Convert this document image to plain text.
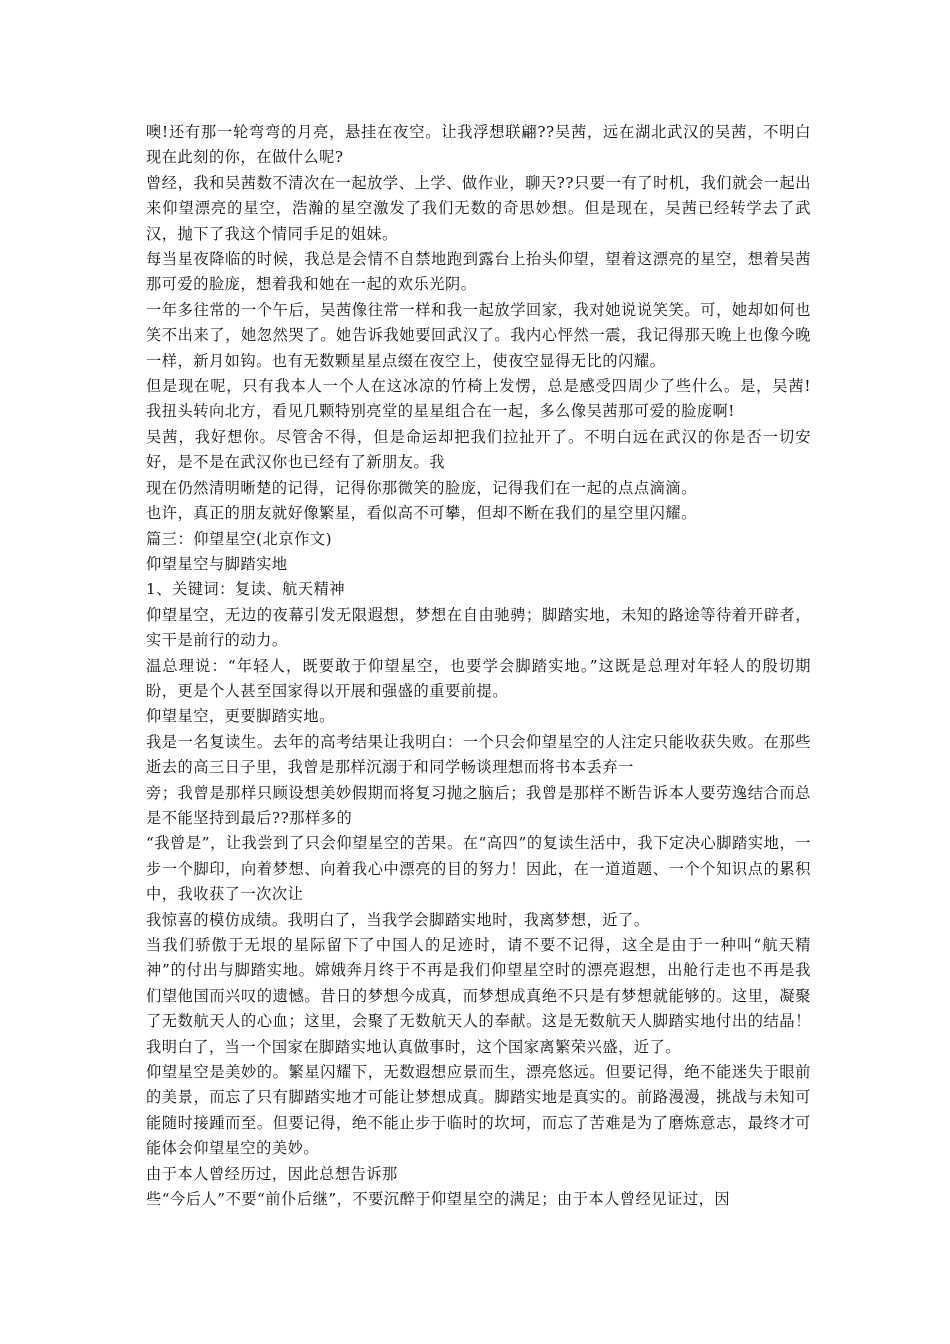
噢!还有那一轮弯弯的月亮，悬挂在夜空。让我浮想联翩??吴茜，远在湖北武汉的吴茜，不明白现在此刻的你，在做什么呢?

曾经，我和吴茜数不清次在一起放学、上学、做作业，聊天??只要一有了时机，我们就会一起出来仰望漂亮的星空，浩瀚的星空激发了我们无数的奇思妙想。但是现在，吴茜已经转学去了武汉，抛下了我这个情同手足的姐妹。

每当星夜降临的时候，我总是会情不自禁地跑到露台上抬头仰望，望着这漂亮的星空，想着吴茜那可爱的脸庞，想着我和她在一起的欢乐光阴。

一年多往常的一个午后，吴茜像往常一样和我一起放学回家，我对她说说笑笑。可，她却如何也笑不出来了，她忽然哭了。她告诉我她要回武汉了。我内心怦然一震，我记得那天晚上也像今晚一样，新月如钩。也有无数颗星星点缀在夜空上，使夜空显得无比的闪耀。

但是现在呢，只有我本人一个人在这冰凉的竹椅上发愣，总是感受四周少了些什么。是，吴茜!我扭头转向北方，看见几颗特别亮堂的星星组合在一起，多么像吴茜那可爱的脸庞啊!

吴茜，我好想你。尽管舍不得，但是命运却把我们拉扯开了。不明白远在武汉的你是否一切安好，是不是在武汉你也已经有了新朋友。我

现在仍然清明晰楚的记得，记得你那微笑的脸庞，记得我们在一起的点点滴滴。

也许，真正的朋友就好像繁星，看似高不可攀，但却不断在我们的星空里闪耀。

篇三：仰望星空(北京作文)

仰望星空与脚踏实地

1、关键词：复读、航天精神

仰望星空，无边的夜幕引发无限遐想，梦想在自由驰骋；脚踏实地，未知的路途等待着开辟者，实干是前行的动力。

温总理说：“年轻人，既要敢于仰望星空，也要学会脚踏实地。”这既是总理对年轻人的殷切期盼，更是个人甚至国家得以开展和强盛的重要前提。

仰望星空，更要脚踏实地。

我是一名复读生。去年的高考结果让我明白：一个只会仰望星空的人注定只能收获失败。在那些逝去的高三日子里，我曾是那样沉溺于和同学畅谈理想而将书本丢弃一

旁；我曾是那样只顾设想美妙假期而将复习抛之脑后；我曾是那样不断告诉本人要劳逸结合而总是不能坚持到最后??那样多的

“我曾是”，让我尝到了只会仰望星空的苦果。在“高四”的复读生活中，我下定决心脚踏实地，一步一个脚印，向着梦想、向着我心中漂亮的目的努力！因此，在一道道题、一个个知识点的累积中，我收获了一次次让

我惊喜的模仿成绩。我明白了，当我学会脚踏实地时，我离梦想，近了。

当我们骄傲于无垠的星际留下了中国人的足迹时，请不要不记得，这全是由于一种叫“航天精神”的付出与脚踏实地。嫦娥奔月终于不再是我们仰望星空时的漂亮遐想，出舱行走也不再是我们望他国而兴叹的遗憾。昔日的梦想今成真，而梦想成真绝不只是有梦想就能够的。这里，凝聚了无数航天人的心血；这里，会聚了无数航天人的奉献。这是无数航天人脚踏实地付出的结晶！我明白了，当一个国家在脚踏实地认真做事时，这个国家离繁荣兴盛，近了。

仰望星空是美妙的。繁星闪耀下，无数遐想应景而生，漂亮悠远。但要记得，绝不能迷失于眼前的美景，而忘了只有脚踏实地才可能让梦想成真。脚踏实地是真实的。前路漫漫，挑战与未知可能随时接踵而至。但要记得，绝不能止步于临时的坎坷，而忘了苦难是为了磨炼意志，最终才可能体会仰望星空的美妙。

由于本人曾经历过，因此总想告诉那

些“今后人”不要“前仆后继”，不要沉醉于仰望星空的满足；由于本人曾经见证过，因
